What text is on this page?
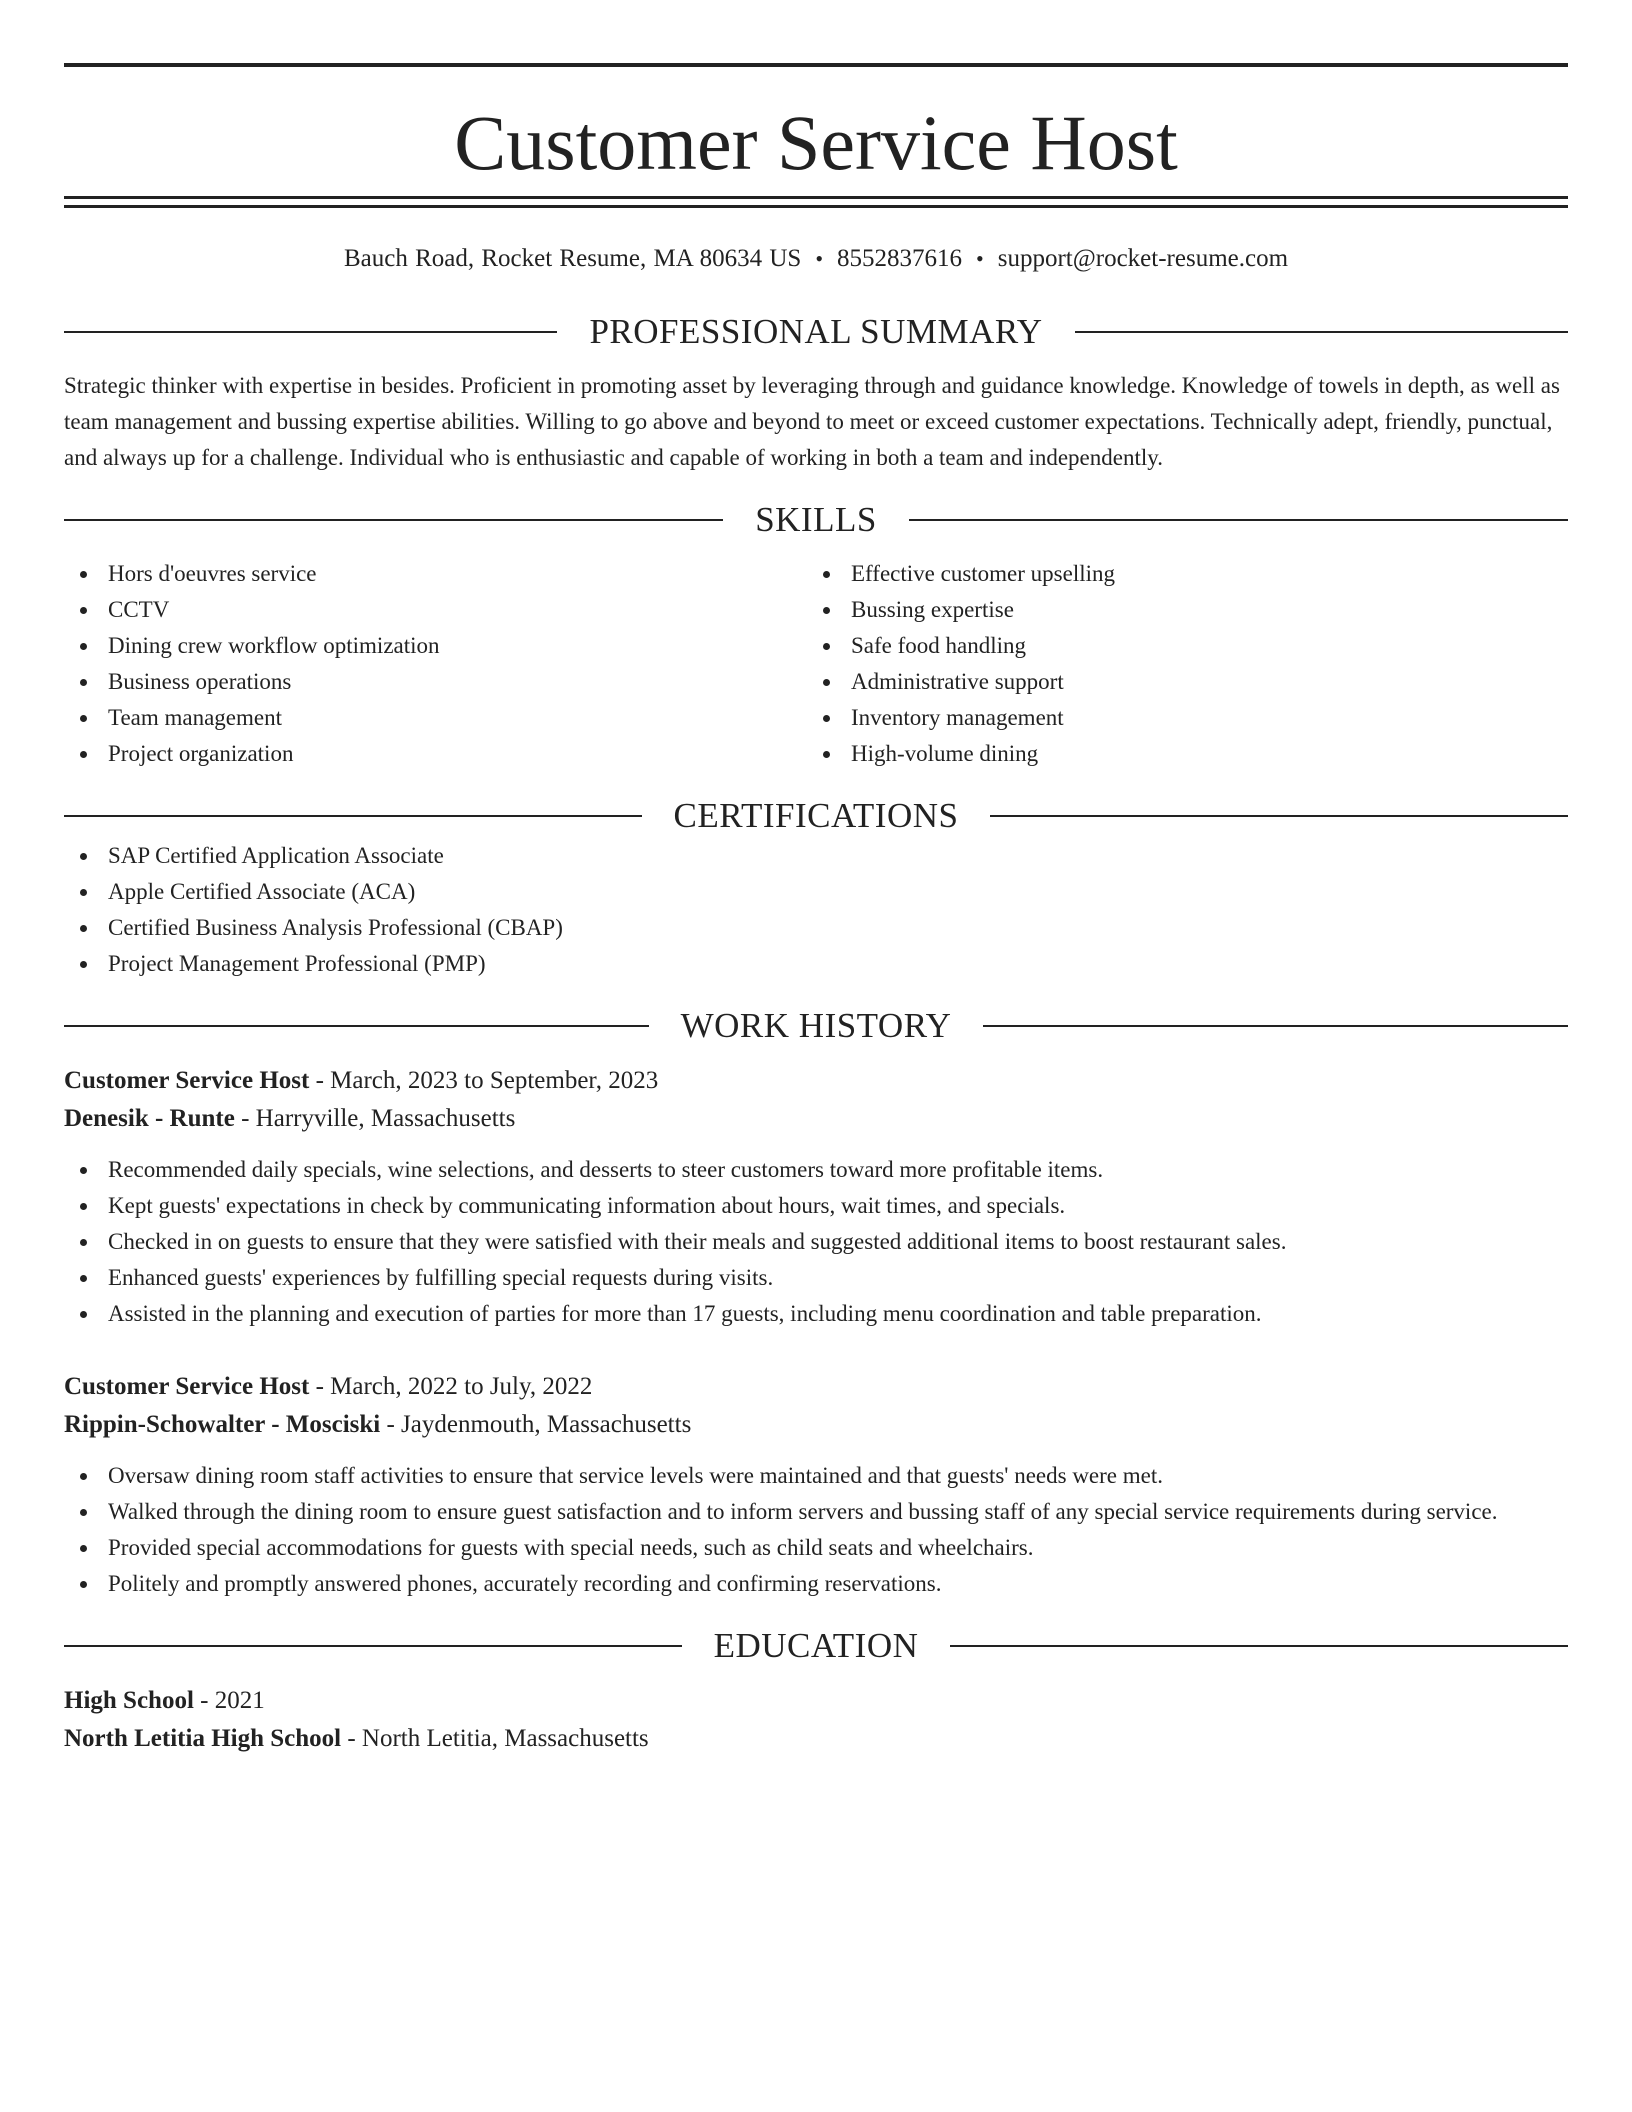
Customer Service Host
Bauch Road, Rocket Resume, MA 80634 US • 8552837616 • support@rocket-resume.com
PROFESSIONAL SUMMARY
Strategic thinker with expertise in besides. Proficient in promoting asset by leveraging through and guidance knowledge. Knowledge of towels in depth, as well as team management and bussing expertise abilities. Willing to go above and beyond to meet or exceed customer expectations. Technically adept, friendly, punctual, and always up for a challenge. Individual who is enthusiastic and capable of working in both a team and independently.
SKILLS
Hors d'oeuvres service
CCTV
Dining crew workflow optimization
Business operations
Team management
Project organization
Effective customer upselling
Bussing expertise
Safe food handling
Administrative support
Inventory management
High-volume dining
CERTIFICATIONS
SAP Certified Application Associate
Apple Certified Associate (ACA)
Certified Business Analysis Professional (CBAP)
Project Management Professional (PMP)
WORK HISTORY
Customer Service Host - March, 2023 to September, 2023
Denesik - Runte - Harryville, Massachusetts
Recommended daily specials, wine selections, and desserts to steer customers toward more profitable items.
Kept guests' expectations in check by communicating information about hours, wait times, and specials.
Checked in on guests to ensure that they were satisfied with their meals and suggested additional items to boost restaurant sales.
Enhanced guests' experiences by fulfilling special requests during visits.
Assisted in the planning and execution of parties for more than 17 guests, including menu coordination and table preparation.
Customer Service Host - March, 2022 to July, 2022
Rippin-Schowalter - Mosciski - Jaydenmouth, Massachusetts
Oversaw dining room staff activities to ensure that service levels were maintained and that guests' needs were met.
Walked through the dining room to ensure guest satisfaction and to inform servers and bussing staff of any special service requirements during service.
Provided special accommodations for guests with special needs, such as child seats and wheelchairs.
Politely and promptly answered phones, accurately recording and confirming reservations.
EDUCATION
High School - 2021
North Letitia High School - North Letitia, Massachusetts
